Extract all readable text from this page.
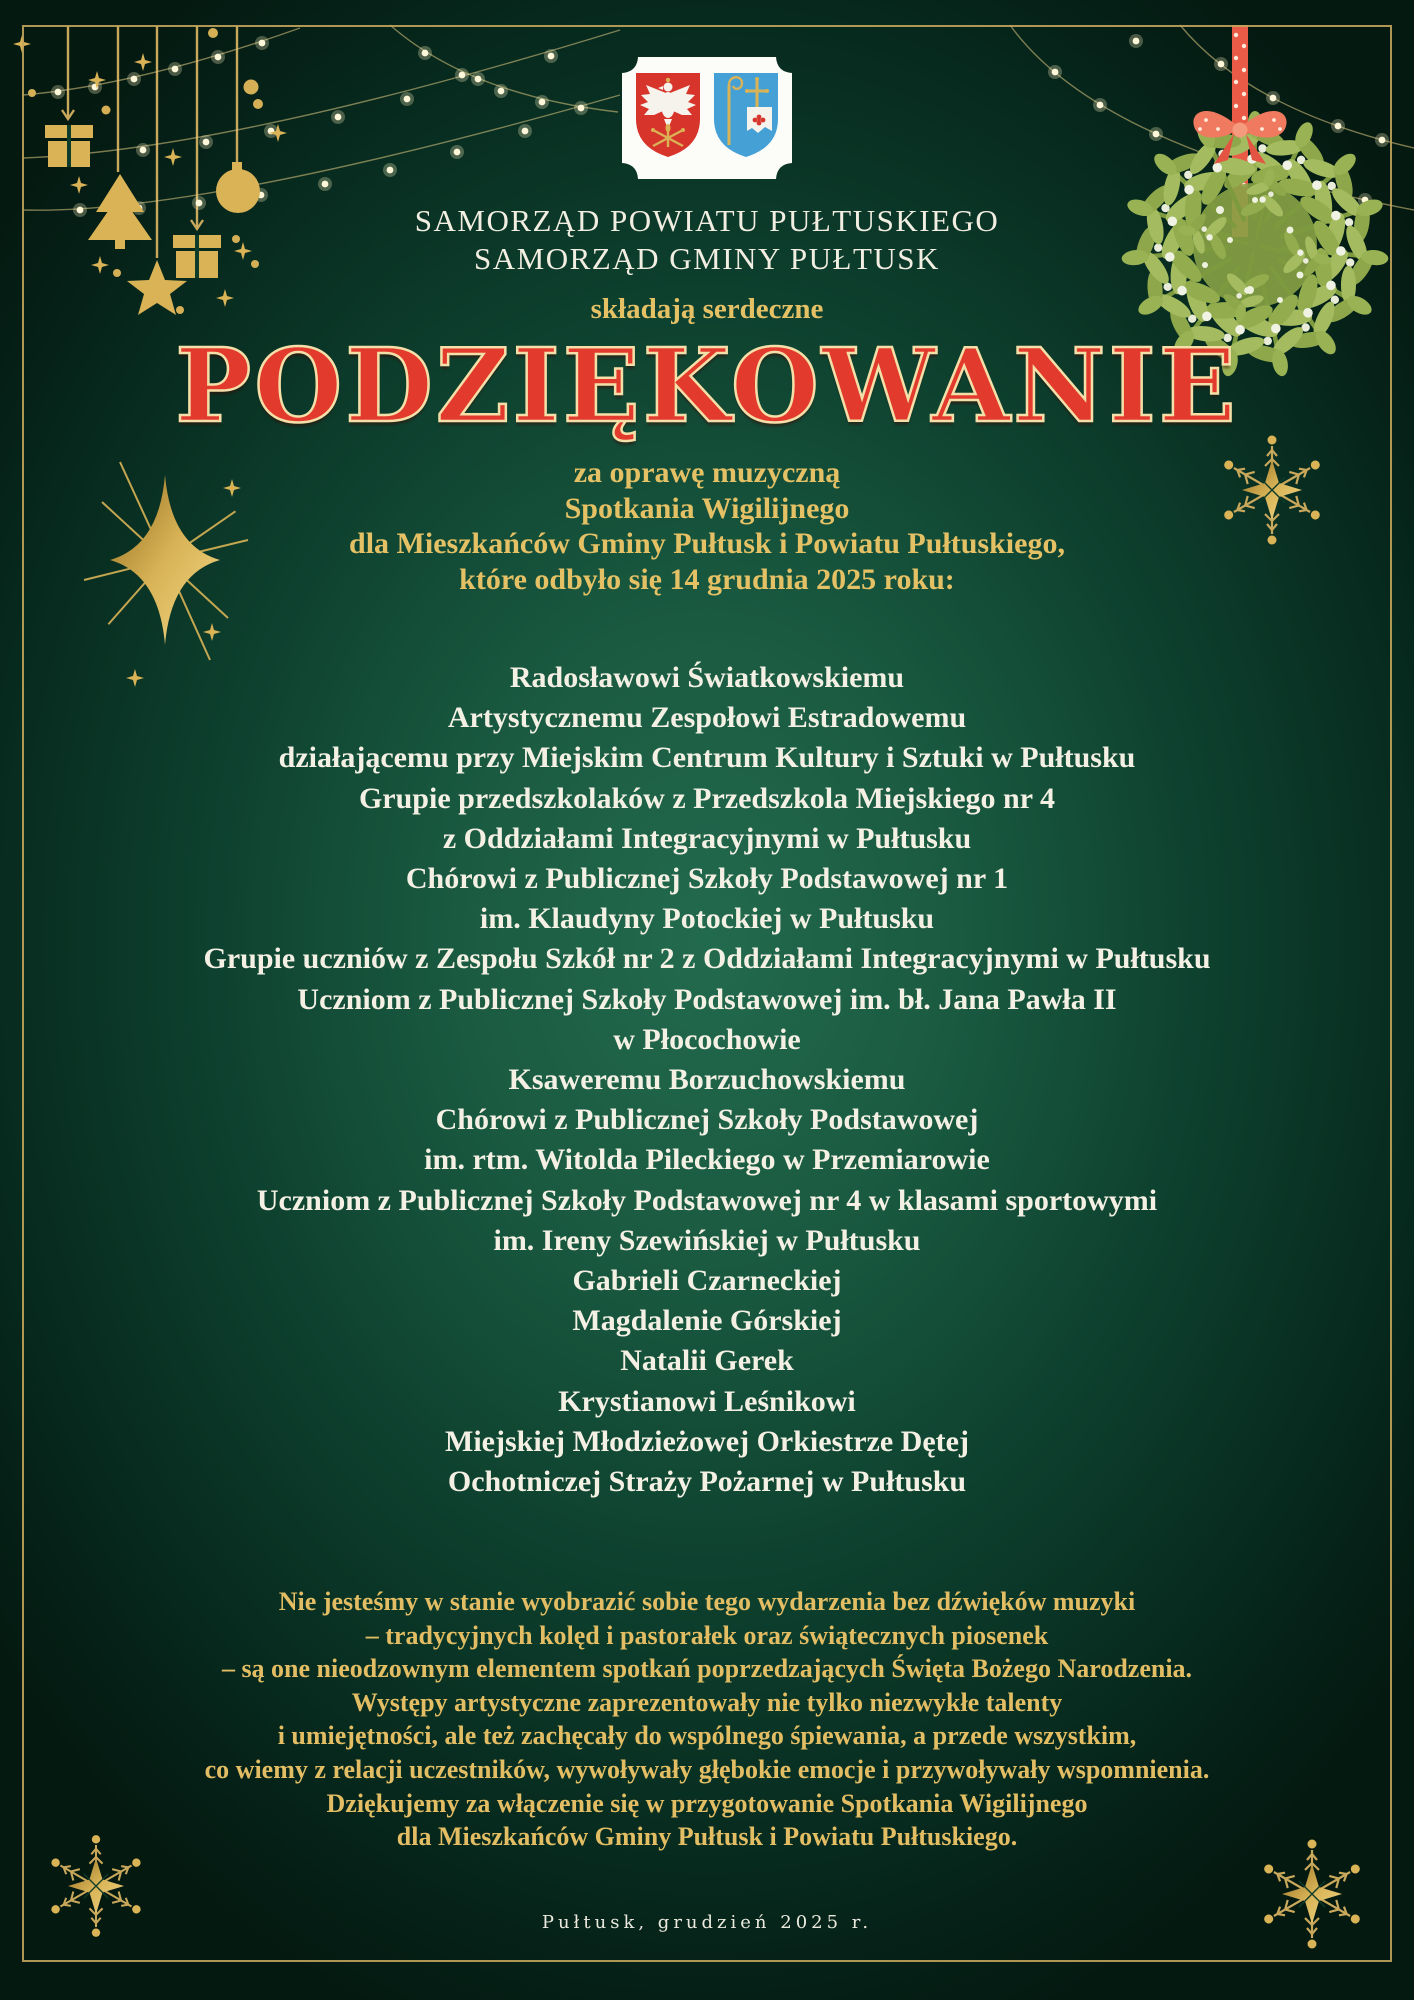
SAMORZĄD POWIATU PUŁTUSKIEGO
SAMORZĄD GMINY PUŁTUSK
składają serdeczne
PODZIĘKOWANIE
za oprawę muzyczną
Spotkania Wigilijnego
dla Mieszkańców Gminy Pułtusk i Powiatu Pułtuskiego,
które odbyło się 14 grudnia 2025 roku:
Radosławowi Światkowskiemu
Artystycznemu Zespołowi Estradowemu
działającemu przy Miejskim Centrum Kultury i Sztuki w Pułtusku
Grupie przedszkolaków z Przedszkola Miejskiego nr 4
z Oddziałami Integracyjnymi w Pułtusku
Chórowi z Publicznej Szkoły Podstawowej nr 1
im. Klaudyny Potockiej w Pułtusku
Grupie uczniów z Zespołu Szkół nr 2 z Oddziałami Integracyjnymi w Pułtusku
Uczniom z Publicznej Szkoły Podstawowej im. bł. Jana Pawła II
w Płocochowie
Ksaweremu Borzuchowskiemu
Chórowi z Publicznej Szkoły Podstawowej
im. rtm. Witolda Pileckiego w Przemiarowie
Uczniom z Publicznej Szkoły Podstawowej nr 4 w klasami sportowymi
im. Ireny Szewińskiej w Pułtusku
Gabrieli Czarneckiej
Magdalenie Górskiej
Natalii Gerek
Krystianowi Leśnikowi
Miejskiej Młodzieżowej Orkiestrze Dętej
Ochotniczej Straży Pożarnej w Pułtusku
Nie jesteśmy w stanie wyobrazić sobie tego wydarzenia bez dźwięków muzyki
– tradycyjnych kolęd i pastorałek oraz świątecznych piosenek
– są one nieodzownym elementem spotkań poprzedzających Święta Bożego Narodzenia.
Występy artystyczne zaprezentowały nie tylko niezwykłe talenty
i umiejętności, ale też zachęcały do wspólnego śpiewania, a przede wszystkim,
co wiemy z relacji uczestników, wywoływały głębokie emocje i przywoływały wspomnienia.
Dziękujemy za włączenie się w przygotowanie Spotkania Wigilijnego
dla Mieszkańców Gminy Pułtusk i Powiatu Pułtuskiego.
Pułtusk, grudzień 2025 r.
